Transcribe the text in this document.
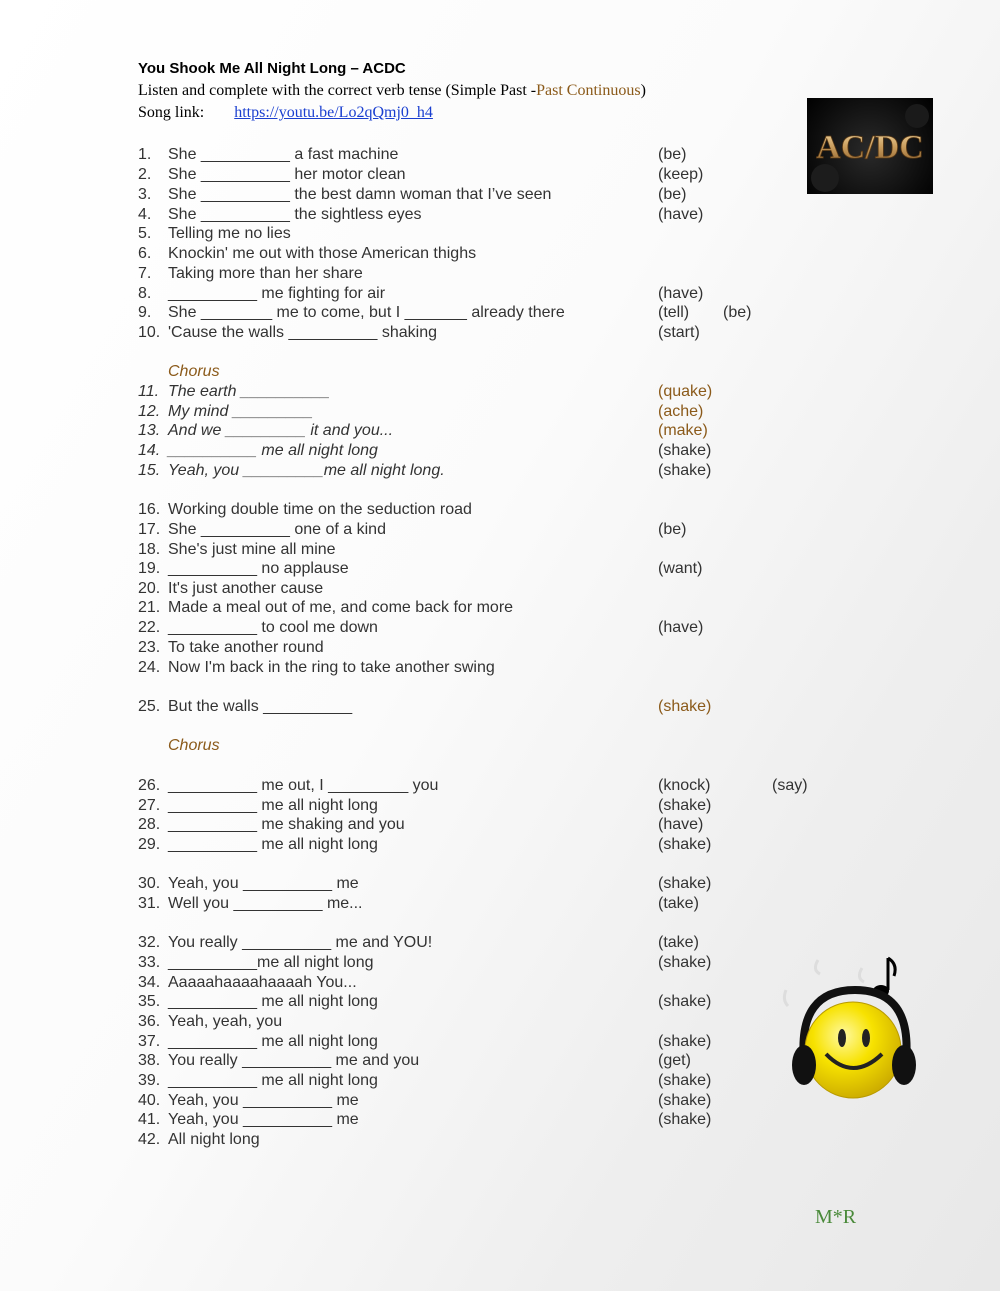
You Shook Me All Night Long – ACDC
Listen and complete with the correct verb tense (Simple Past -Past Continuous)
Song link: https://youtu.be/Lo2qQmj0_h4
AC/DC
Chorus
Chorus
1. She __________ a fast machine	(be)
2. She __________ her motor clean	(keep)
3. She __________ the best damn woman that I’ve seen	(be)
4. She __________ the sightless eyes	(have)
5. Telling me no lies
6. Knockin' me out with those American thighs
7. Taking more than her share
8. __________ me fighting for air	(have)
9. She ________ me to come, but I _______ already there	(tell) (be)
10. 'Cause the walls __________ shaking	(start)
11. The earth __________	(quake)
12. My mind _________	(ache)
13. And we _________ it and you...	(make)
14. __________ me all night long	(shake)
15. Yeah, you _________me all night long.	(shake)
16. Working double time on the seduction road
17. She __________ one of a kind	(be)
18. She's just mine all mine
19. __________ no applause	(want)
20. It's just another cause
21. Made a meal out of me, and come back for more
22. __________ to cool me down	(have)
23. To take another round
24. Now I'm back in the ring to take another swing
25. But the walls __________	(shake)
26. __________ me out, I _________ you	(knock)	(say)
27. __________ me all night long	(shake)
28. __________ me shaking and you	(have)
29. __________ me all night long	(shake)
30. Yeah, you __________ me	(shake)
31. Well you __________ me...	(take)
32. You really __________ me and YOU!	(take)
33. __________me all night long	(shake)
34. Aaaaahaaaahaaaah You...
35. __________ me all night long	(shake)
36. Yeah, yeah, you
37. __________ me all night long	(shake)
38. You really __________ me and you	(get)
39. __________ me all night long	(shake)
40. Yeah, you __________ me	(shake)
41. Yeah, you __________ me	(shake)
42. All night long
M*R
